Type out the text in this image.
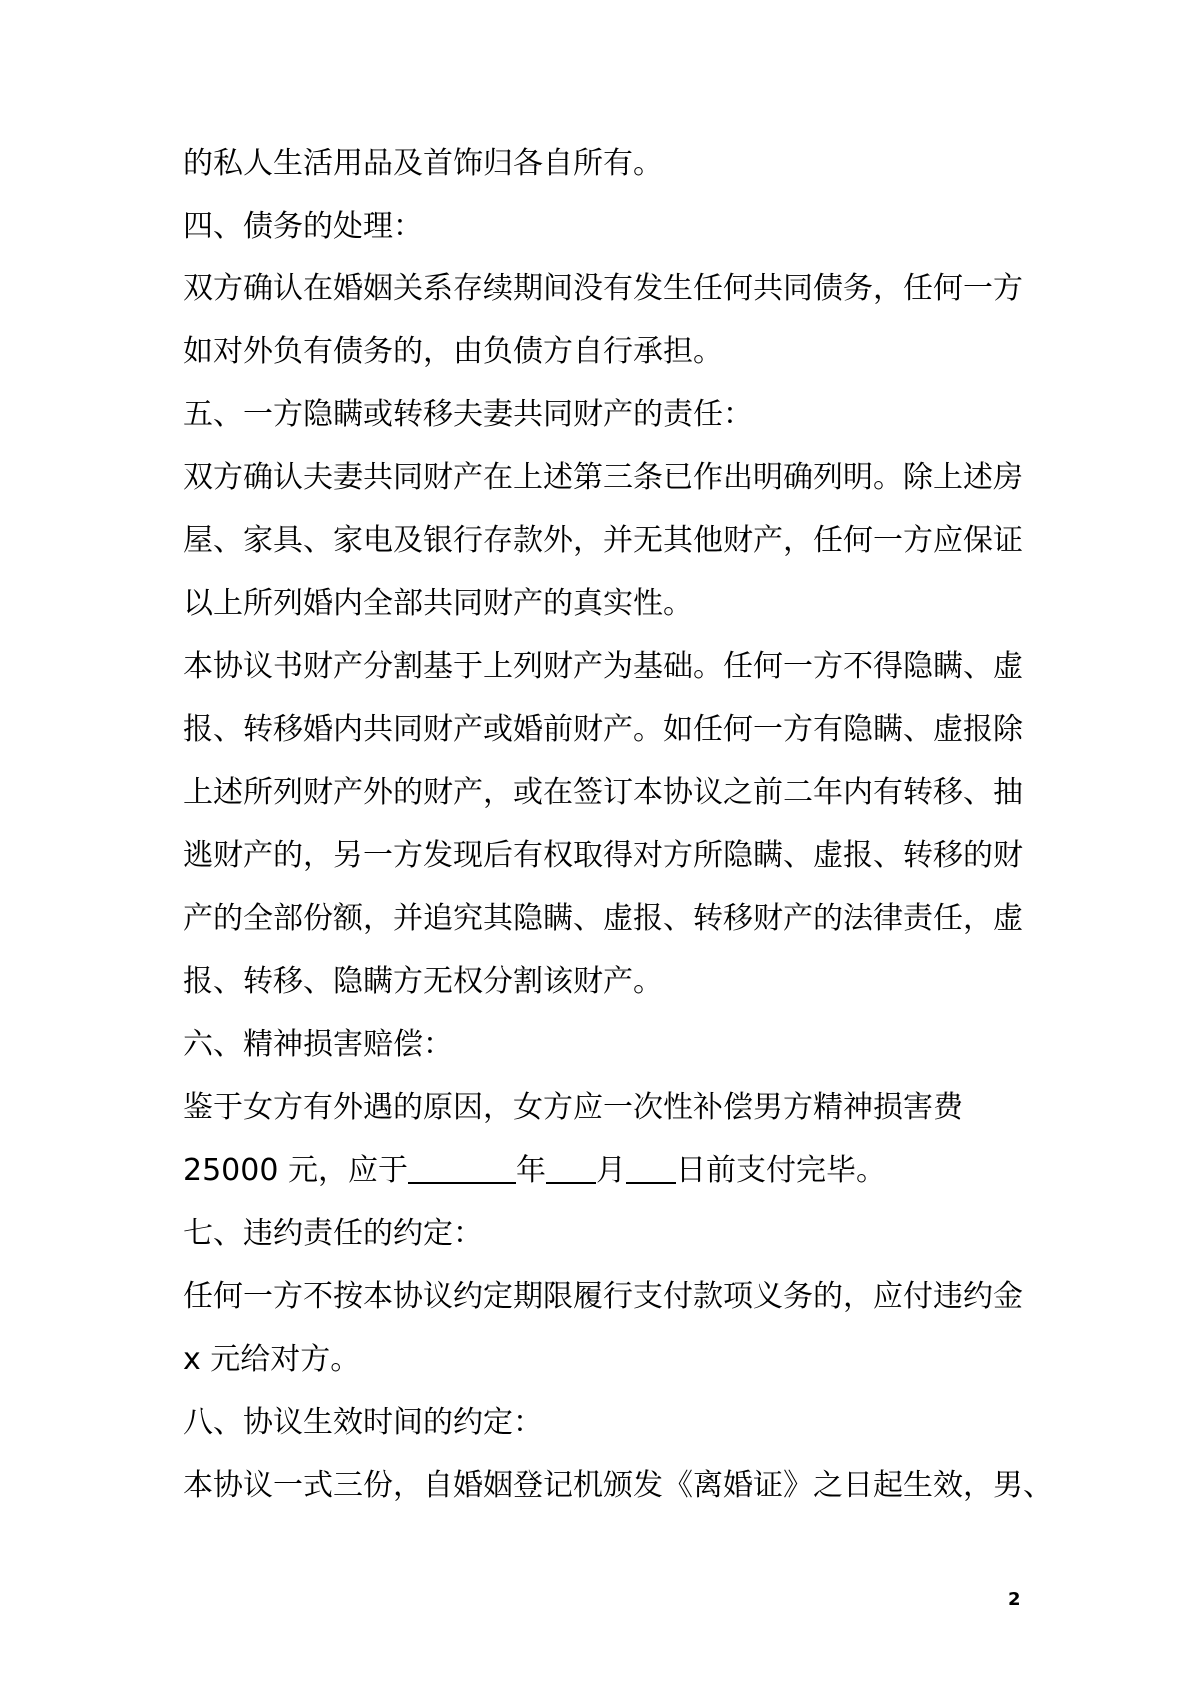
的私人生活用品及首饰归各自所有。
四、债务的处理：
双方确认在婚姻关系存续期间没有发生任何共同债务，任何一方
如对外负有债务的，由负债方自行承担。
五、一方隐瞒或转移夫妻共同财产的责任：
双方确认夫妻共同财产在上述第三条已作出明确列明。除上述房
屋、家具、家电及银行存款外，并无其他财产，任何一方应保证
以上所列婚内全部共同财产的真实性。
本协议书财产分割基于上列财产为基础。任何一方不得隐瞒、虚
报、转移婚内共同财产或婚前财产。如任何一方有隐瞒、虚报除
上述所列财产外的财产，或在签订本协议之前二年内有转移、抽
逃财产的，另一方发现后有权取得对方所隐瞒、虚报、转移的财
产的全部份额，并追究其隐瞒、虚报、转移财产的法律责任，虚
报、转移、隐瞒方无权分割该财产。
六、精神损害赔偿：
鉴于女方有外遇的原因，女方应一次性补偿男方精神损害费
25000 元，应于	年 月 日前支付完毕。
七、违约责任的约定：
任何一方不按本协议约定期限履行支付款项义务的，应付违约金
x 元给对方。
八、协议生效时间的约定：
本协议一式三份，自婚姻登记机颁发《离婚证》之日起生效，男、
2
